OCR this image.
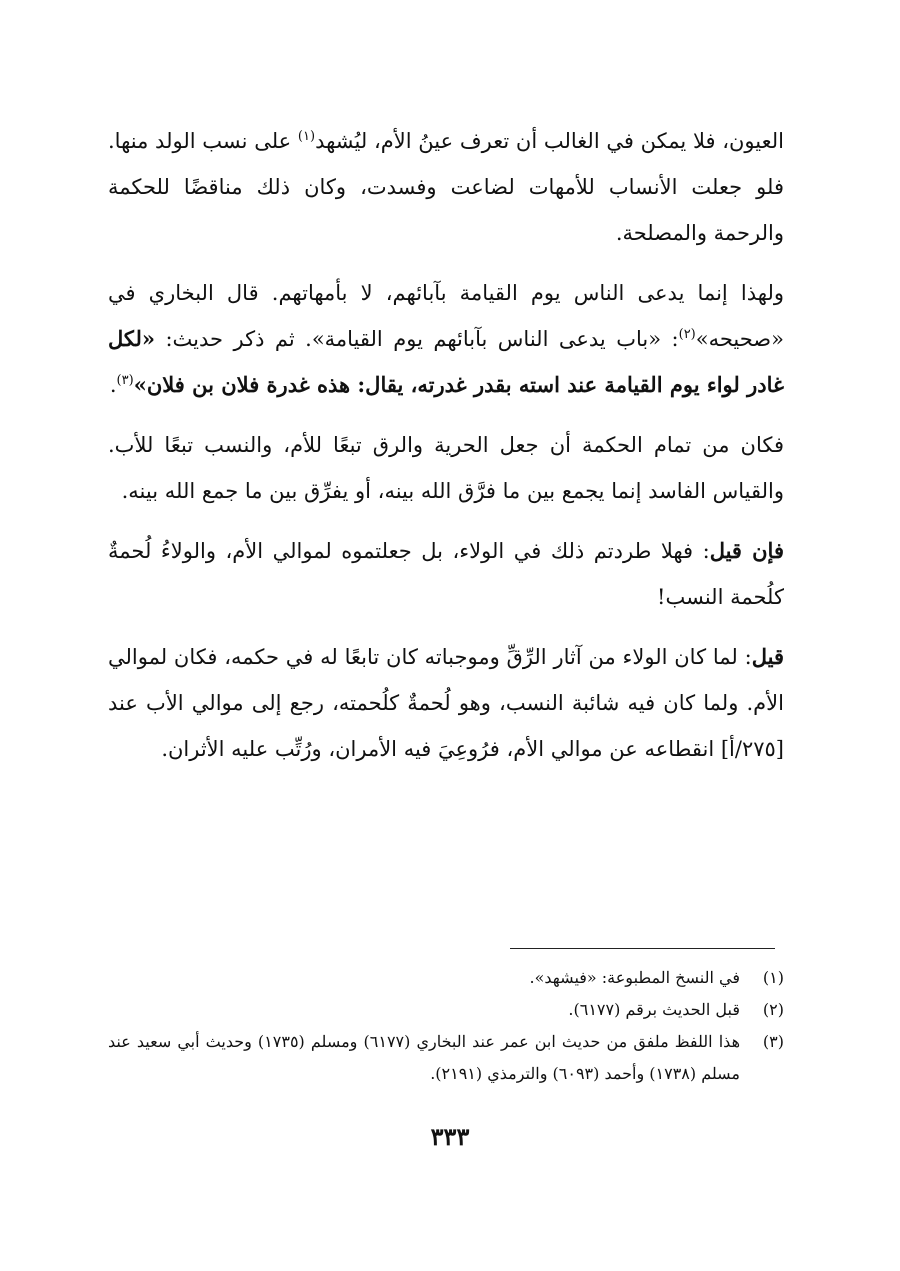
العيون، فلا يمكن في الغالب أن تعرف عينُ الأم، ليُشهد$^{(١)}$ على نسب الولد منها. فلو جعلت الأنساب للأمهات لضاعت وفسدت، وكان ذلك مناقضًا للحكمة والرحمة والمصلحة.

ولهذا إنما يدعى الناس يوم القيامة بآبائهم، لا بأمهاتهم. قال البخاري في «صحيحه»$^{(٢)}$: «باب يدعى الناس بآبائهم يوم القيامة». ثم ذكر حديث: «لكل غادر لواء يوم القيامة عند استه بقدر غدرته، يقال: هذه غدرة فلان بن فلان»$^{(٣)}$.

فكان من تمام الحكمة أن جعل الحرية والرق تبعًا للأم، والنسب تبعًا للأب. والقياس الفاسد إنما يجمع بين ما فرَّق الله بينه، أو يفرِّق بين ما جمع الله بينه.

فإن قيل: فهلا طردتم ذلك في الولاء، بل جعلتموه لموالي الأم، والولاءُ لُحمةٌ كلُحمة النسب!

قيل: لما كان الولاء من آثار الرِّقِّ وموجباته كان تابعًا له في حكمه، فكان لموالي الأم. ولما كان فيه شائبة النسب، وهو لُحمةٌ كلُحمته، رجع إلى موالي الأب عند [٢٧٥/أ] انقطاعه عن موالي الأم، فرُوعِيَ فيه الأمران، ورُتِّب عليه الأثران.

(١)
في النسخ المطبوعة: «فيشهد».
(٢)
قبل الحديث برقم (٦١٧٧).
(٣)
هذا اللفظ ملفق من حديث ابن عمر عند البخاري (٦١٧٧) ومسلم (١٧٣٥) وحديث أبي سعيد عند مسلم (١٧٣٨) وأحمد (٦٠٩٣) والترمذي (٢١٩١).
٣٣٣
